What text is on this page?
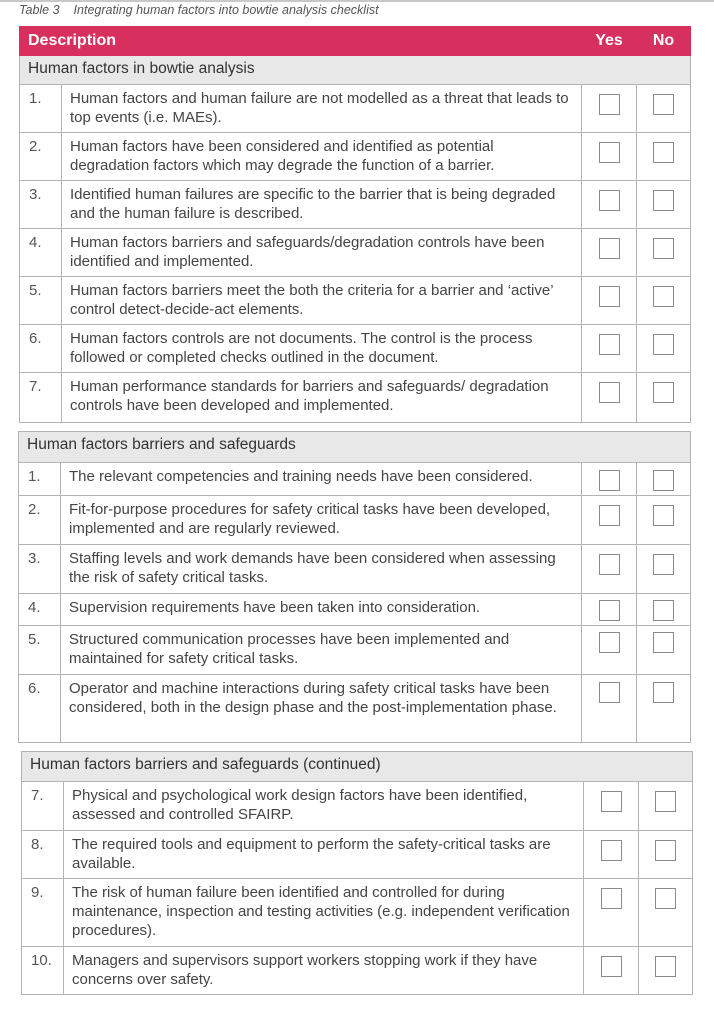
Table 3 Integrating human factors into bowtie analysis checklist
Description		Yes	No
Human factors in bowtie analysis			
1.	Human factors and human failure are not modelled as a threat that leads to top events (i.e. MAEs).		
2.	Human factors have been considered and identified as potential degradation factors which may degrade the function of a barrier.		
3.	Identified human failures are specific to the barrier that is being degraded and the human failure is described.		
4.	Human factors barriers and safeguards/degradation controls have been identified and implemented.		
5.	Human factors barriers meet the both the criteria for a barrier and ‘active’ control detect-decide-act elements.		
6.	Human factors controls are not documents. The control is the process followed or completed checks outlined in the document.		
7.	Human performance standards for barriers and safeguards/ degradation controls have been developed and implemented.		
Human factors barriers and safeguards			
1.	The relevant competencies and training needs have been considered.		
2.	Fit-for-purpose procedures for safety critical tasks have been developed, implemented and are regularly reviewed.		
3.	Staffing levels and work demands have been considered when assessing the risk of safety critical tasks.		
4.	Supervision requirements have been taken into consideration.		
5.	Structured communication processes have been implemented and maintained for safety critical tasks.		
6.	Operator and machine interactions during safety critical tasks have been considered, both in the design phase and the post-implementation phase.		
Human factors barriers and safeguards (continued)			
7.	Physical and psychological work design factors have been identified, assessed and controlled SFAIRP.		
8.	The required tools and equipment to perform the safety-critical tasks are available.		
9.	The risk of human failure been identified and controlled for during maintenance, inspection and testing activities (e.g. independent verification procedures).		
10.	Managers and supervisors support workers stopping work if they have concerns over safety.		
